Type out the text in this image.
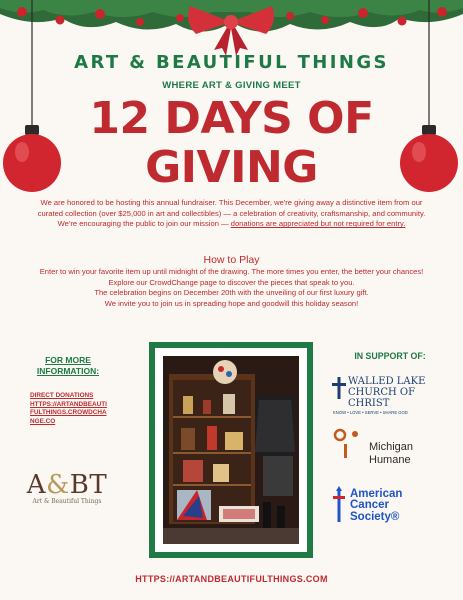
ART & BEAUTIFUL THINGS
WHERE ART & GIVING MEET
12 DAYS OF
GIVING

We are honored to be hosting this annual fundraiser. This December, we're giving away a distinctive item from our curated collection (over $25,000 in art and collectibles) — a celebration of creativity, craftsmanship, and community.

We're encouraging the public to join our mission — donations are appreciated but not required for entry.

How to Play

Enter to win your favorite item up until midnight of the drawing. The more times you enter, the better your chances! Explore our CrowdChange page to discover the pieces that speak to you.

The celebration begins on December 20th with the unveiling of our first luxury gift.

We invite you to join us in spreading hope and goodwill this holiday season!

FOR MORE INFORMATION:
DIRECT DONATIONS
HTTPS://ARTANDBEAUTIFULTHINGS.CROWDCHANGE.CO
A&BT
Art & Beautiful Things
IN SUPPORT OF:
WALLED LAKE
CHURCH OF CHRIST
KNOW • LOVE • SERVE • SHARE GOD
Michigan
Humane
American
Cancer
Society®
HTTPS://ARTANDBEAUTIFULTHINGS.COM
